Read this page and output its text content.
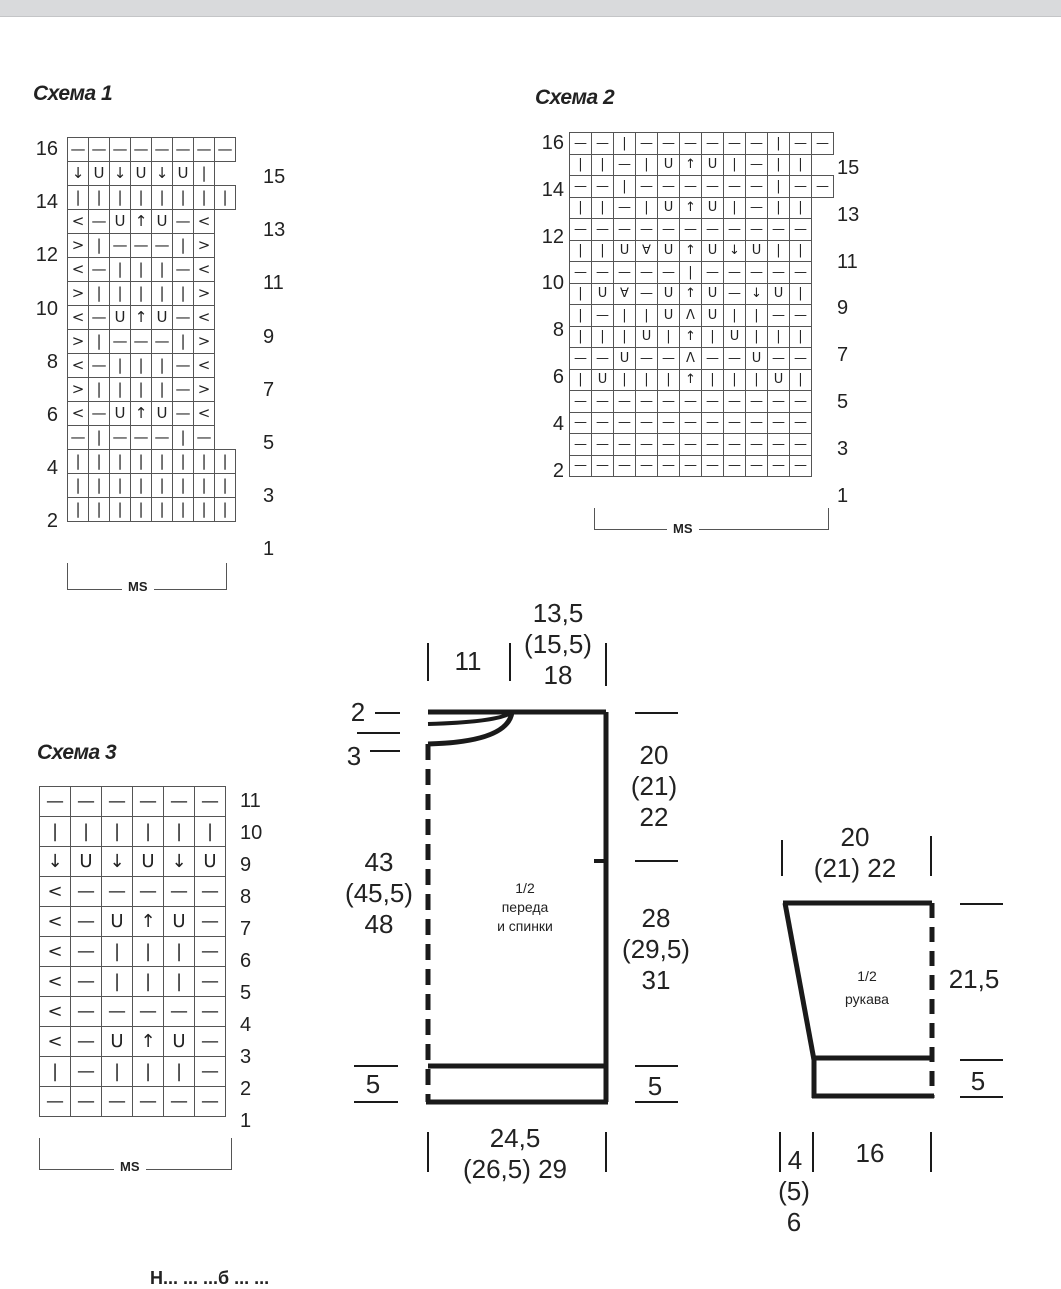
Схема 1
—	—	—	—	—	—	—	—
↓	U	↓	U	↓	U	|	
|	|	|	|	|	|	|	|
<	—	U	↑	U	—	<	
>	|	—	—	—	|	>	
<	—	|	|	|	—	<	
>	|	|	|	|	|	>	
<	—	U	↑	U	—	<	
>	|	—	—	—	|	>	
<	—	|	|	|	—	<	
>	|	|	|	|	—	>	
<	—	U	↑	U	—	<	
—	|	—	—	—	|	—	
|	|	|	|	|	|	|	|
|	|	|	|	|	|	|	|
|	|	|	|	|	|	|	|
16
14
12
10
8
6
4
2
15
13
11
9
7
5
3
1
MS
Схема 2
—	—	|	—	—	—	—	—	—	|	—	—
|	|	—	|	U	↑	U	|	—	|	|	
—	—	|	—	—	—	—	—	—	|	—	—
|	|	—	|	U	↑	U	|	—	|	|	
—	—	—	—	—	—	—	—	—	—	—	
|	|	U	∀	U	↑	U	↓	U	|	|	
—	—	—	—	—	|	—	—	—	—	—	
|	U	∀	—	U	↑	U	—	↓	U	|	
|	—	|	|	U	Λ	U	|	|	—	—	
|	|	|	U	|	↑	|	U	|	|	|	
—	—	U	—	—	Λ	—	—	U	—	—	
|	U	|	|	|	↑	|	|	|	U	|	
—	—	—	—	—	—	—	—	—	—	—	
—	—	—	—	—	—	—	—	—	—	—	
—	—	—	—	—	—	—	—	—	—	—	
—	—	—	—	—	—	—	—	—	—	—	
16
14
12
10
8
6
4
2
15
13
11
9
7
5
3
1
MS
Схема 3
—	—	—	—	—	—
|	|	|	|	|	|
↓	U	↓	U	↓	U
<	—	—	—	—	—
<	—	U	↑	U	—
<	—	|	|	|	—
<	—	|	|	|	—
<	—	—	—	—	—
<	—	U	↑	U	—
|	—	|	|	|	—
—	—	—	—	—	—
11
10
9
8
7
6
5
4
3
2
1
MS
11
13,5
(15,5)
18
2
3	20
(21)
22
43
(45,5)
48	28
(29,5)
31
5	5
24,5
(26,5) 29
1/2
переда
и спинки
20
(21) 22
21,5
5
4
(5)
6
16
1/2
рукава
Н... ... ...б ... ...
